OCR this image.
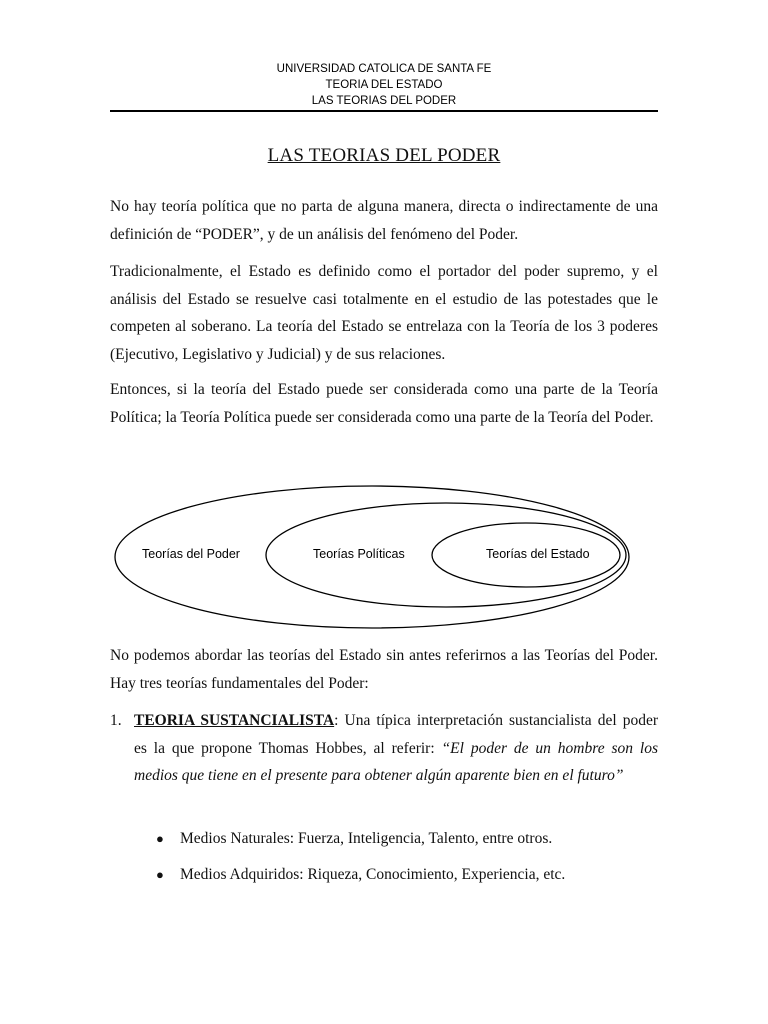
UNIVERSIDAD CATOLICA DE SANTA FE
TEORIA DEL ESTADO
LAS TEORIAS DEL PODER
LAS TEORIAS DEL PODER

No hay teoría política que no parta de alguna manera, directa o indirectamente de una definición de “PODER”, y de un análisis del fenómeno del Poder.

Tradicionalmente, el Estado es definido como el portador del poder supremo, y el análisis del Estado se resuelve casi totalmente en el estudio de las potestades que le competen al soberano. La teoría del Estado se entrelaza con la Teoría de los 3 poderes (Ejecutivo, Legislativo y Judicial) y de sus relaciones.

Entonces, si la teoría del Estado puede ser considerada como una parte de la Teoría Política; la Teoría Política puede ser considerada como una parte de la Teoría del Poder.

Teorías del Poder	Teorías Políticas	Teorías del Estado

No podemos abordar las teorías del Estado sin antes referirnos a las Teorías del Poder. Hay tres teorías fundamentales del Poder:

1. TEORIA SUSTANCIALISTA: Una típica interpretación sustancialista del poder es la que propone Thomas Hobbes, al referir: “El poder de un hombre son los medios que tiene en el presente para obtener algún aparente bien en el futuro”
● Medios Naturales: Fuerza, Inteligencia, Talento, entre otros.
● Medios Adquiridos: Riqueza, Conocimiento, Experiencia, etc.
